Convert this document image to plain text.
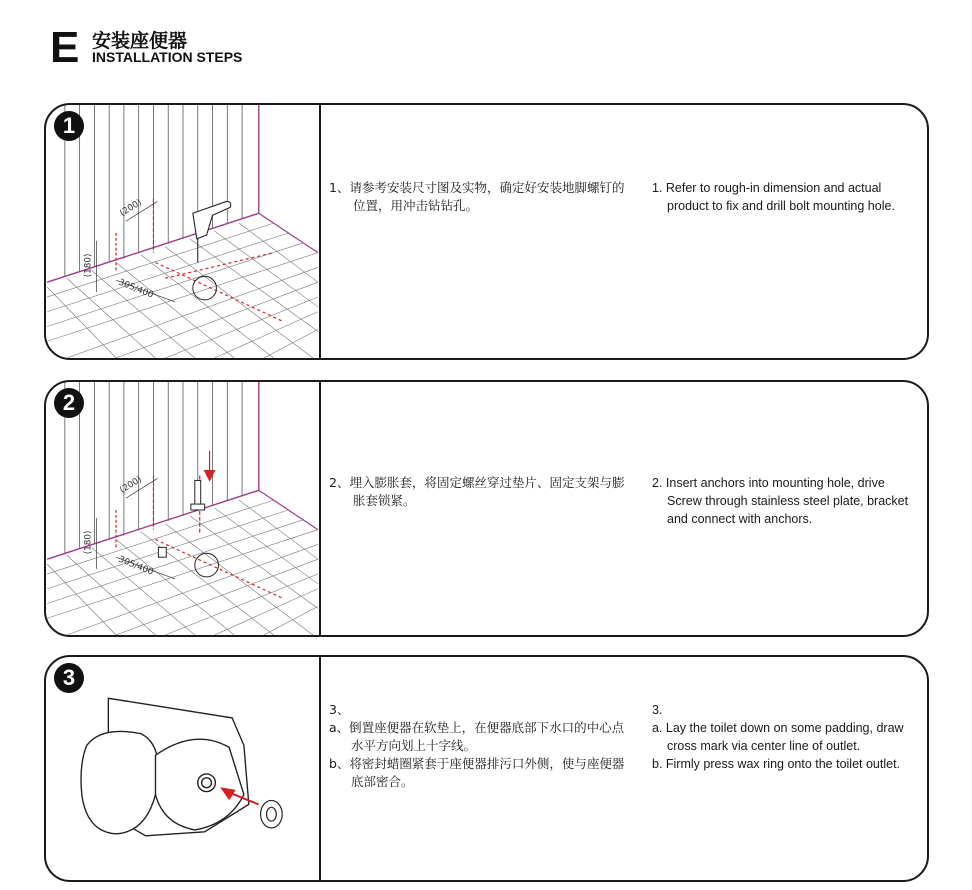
E 安装座便器
INSTALLATION STEPS
1
(180)
(200)
305/400
1、请参考安装尺寸图及实物，确定好安装地脚螺钉的位置，用冲击钻钻孔。
1. Refer to rough-in dimension and actual product to fix and drill bolt mounting hole.
2
(180)
(200)
305/400
2、埋入膨胀套，将固定螺丝穿过垫片、固定支架与膨胀套锁紧。
2. Insert anchors into mounting hole, drive Screw through stainless steel plate, bracket and connect with anchors.
3
3、
a、倒置座便器在软垫上，在便器底部下水口的中心点水平方向划上十字线。
b、将密封蜡圈紧套于座便器排污口外侧，使与座便器底部密合。
3.
a. Lay the toilet down on some padding, draw cross mark via center line of outlet.
b. Firmly press wax ring onto the toilet outlet.
